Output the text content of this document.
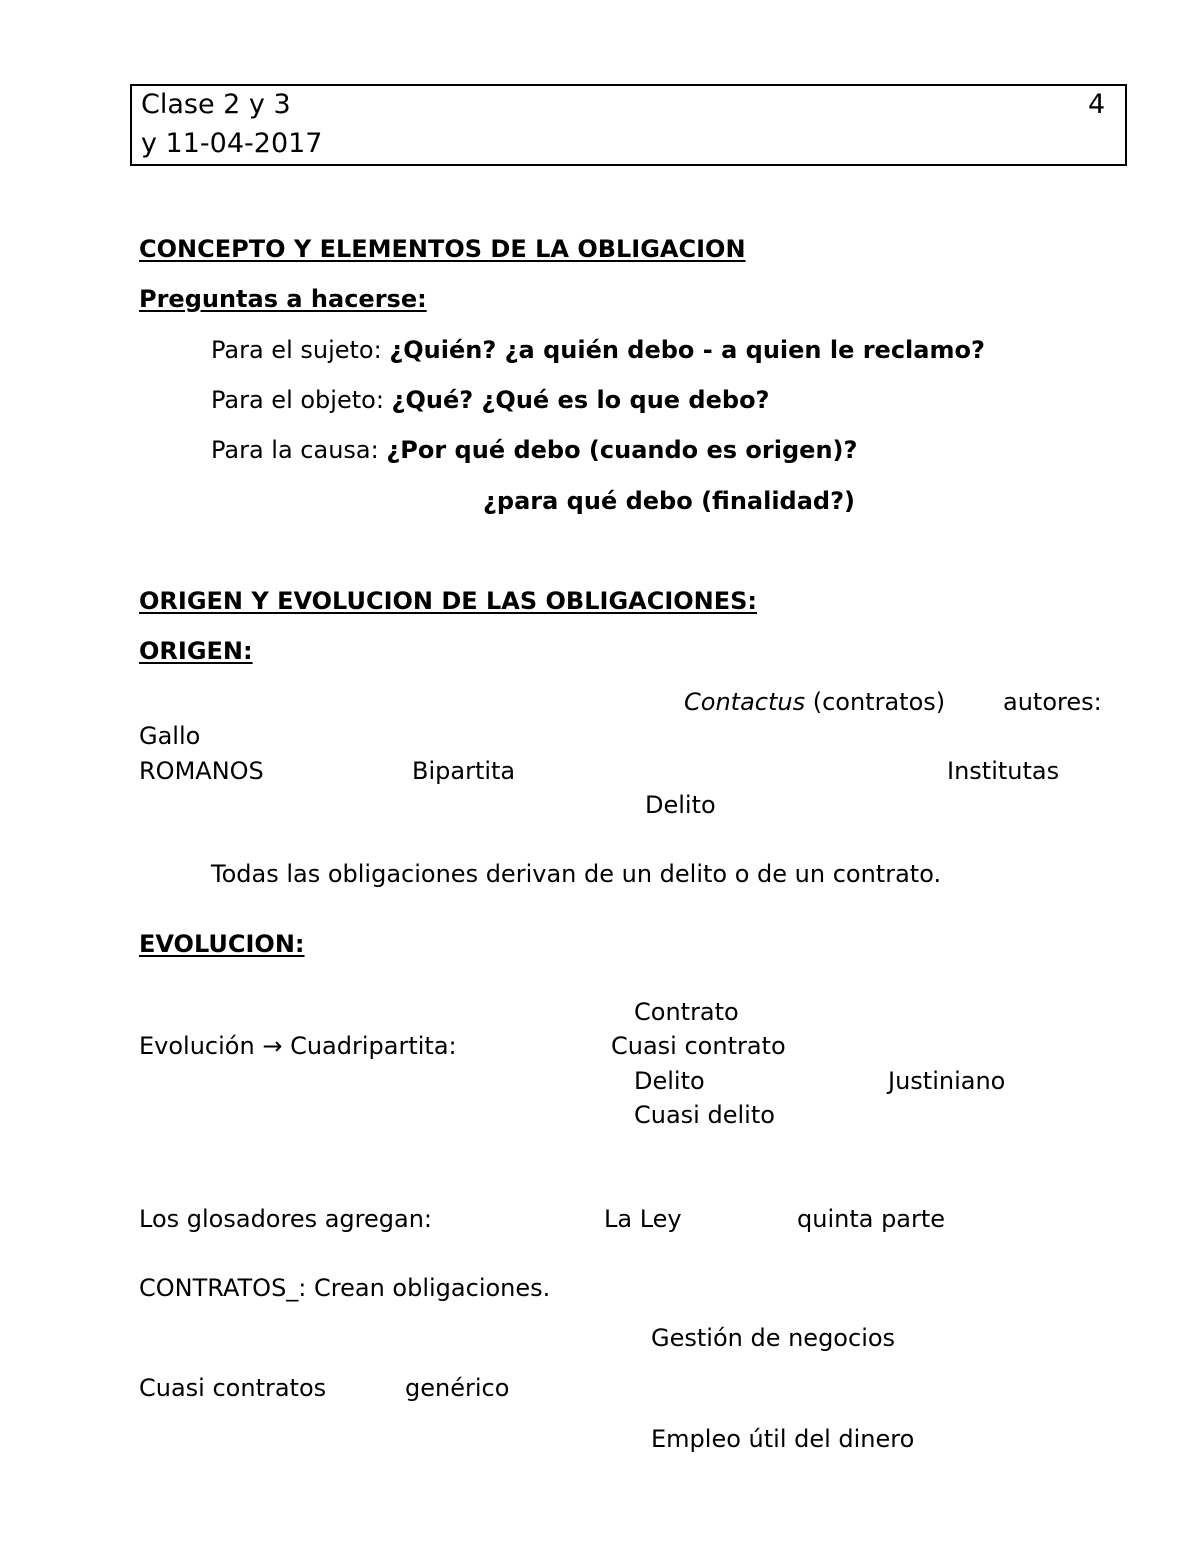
Clase 2 y 3
y 11-04-2017
4
CONCEPTO Y ELEMENTOS DE LA OBLIGACION
Preguntas a hacerse:
Para el sujeto: ¿Quién? ¿a quién debo - a quien le reclamo?
Para el objeto: ¿Qué? ¿Qué es lo que debo?
Para la causa: ¿Por qué debo (cuando es origen)?
¿para qué debo (finalidad?)
ORIGEN Y EVOLUCION DE LAS OBLIGACIONES:
ORIGEN:
Contactus (contratos) autores:
Gallo
ROMANOS	Bipartita	Institutas
Delito
Todas las obligaciones derivan de un delito o de un contrato.
EVOLUCION:
Contrato
Evolución → Cuadripartita:	Cuasi contrato
Delito	Justiniano
Cuasi delito
Los glosadores agregan:	La Ley	quinta parte
CONTRATOS_: Crean obligaciones.
Gestión de negocios
Cuasi contratos	genérico
Empleo útil del dinero
